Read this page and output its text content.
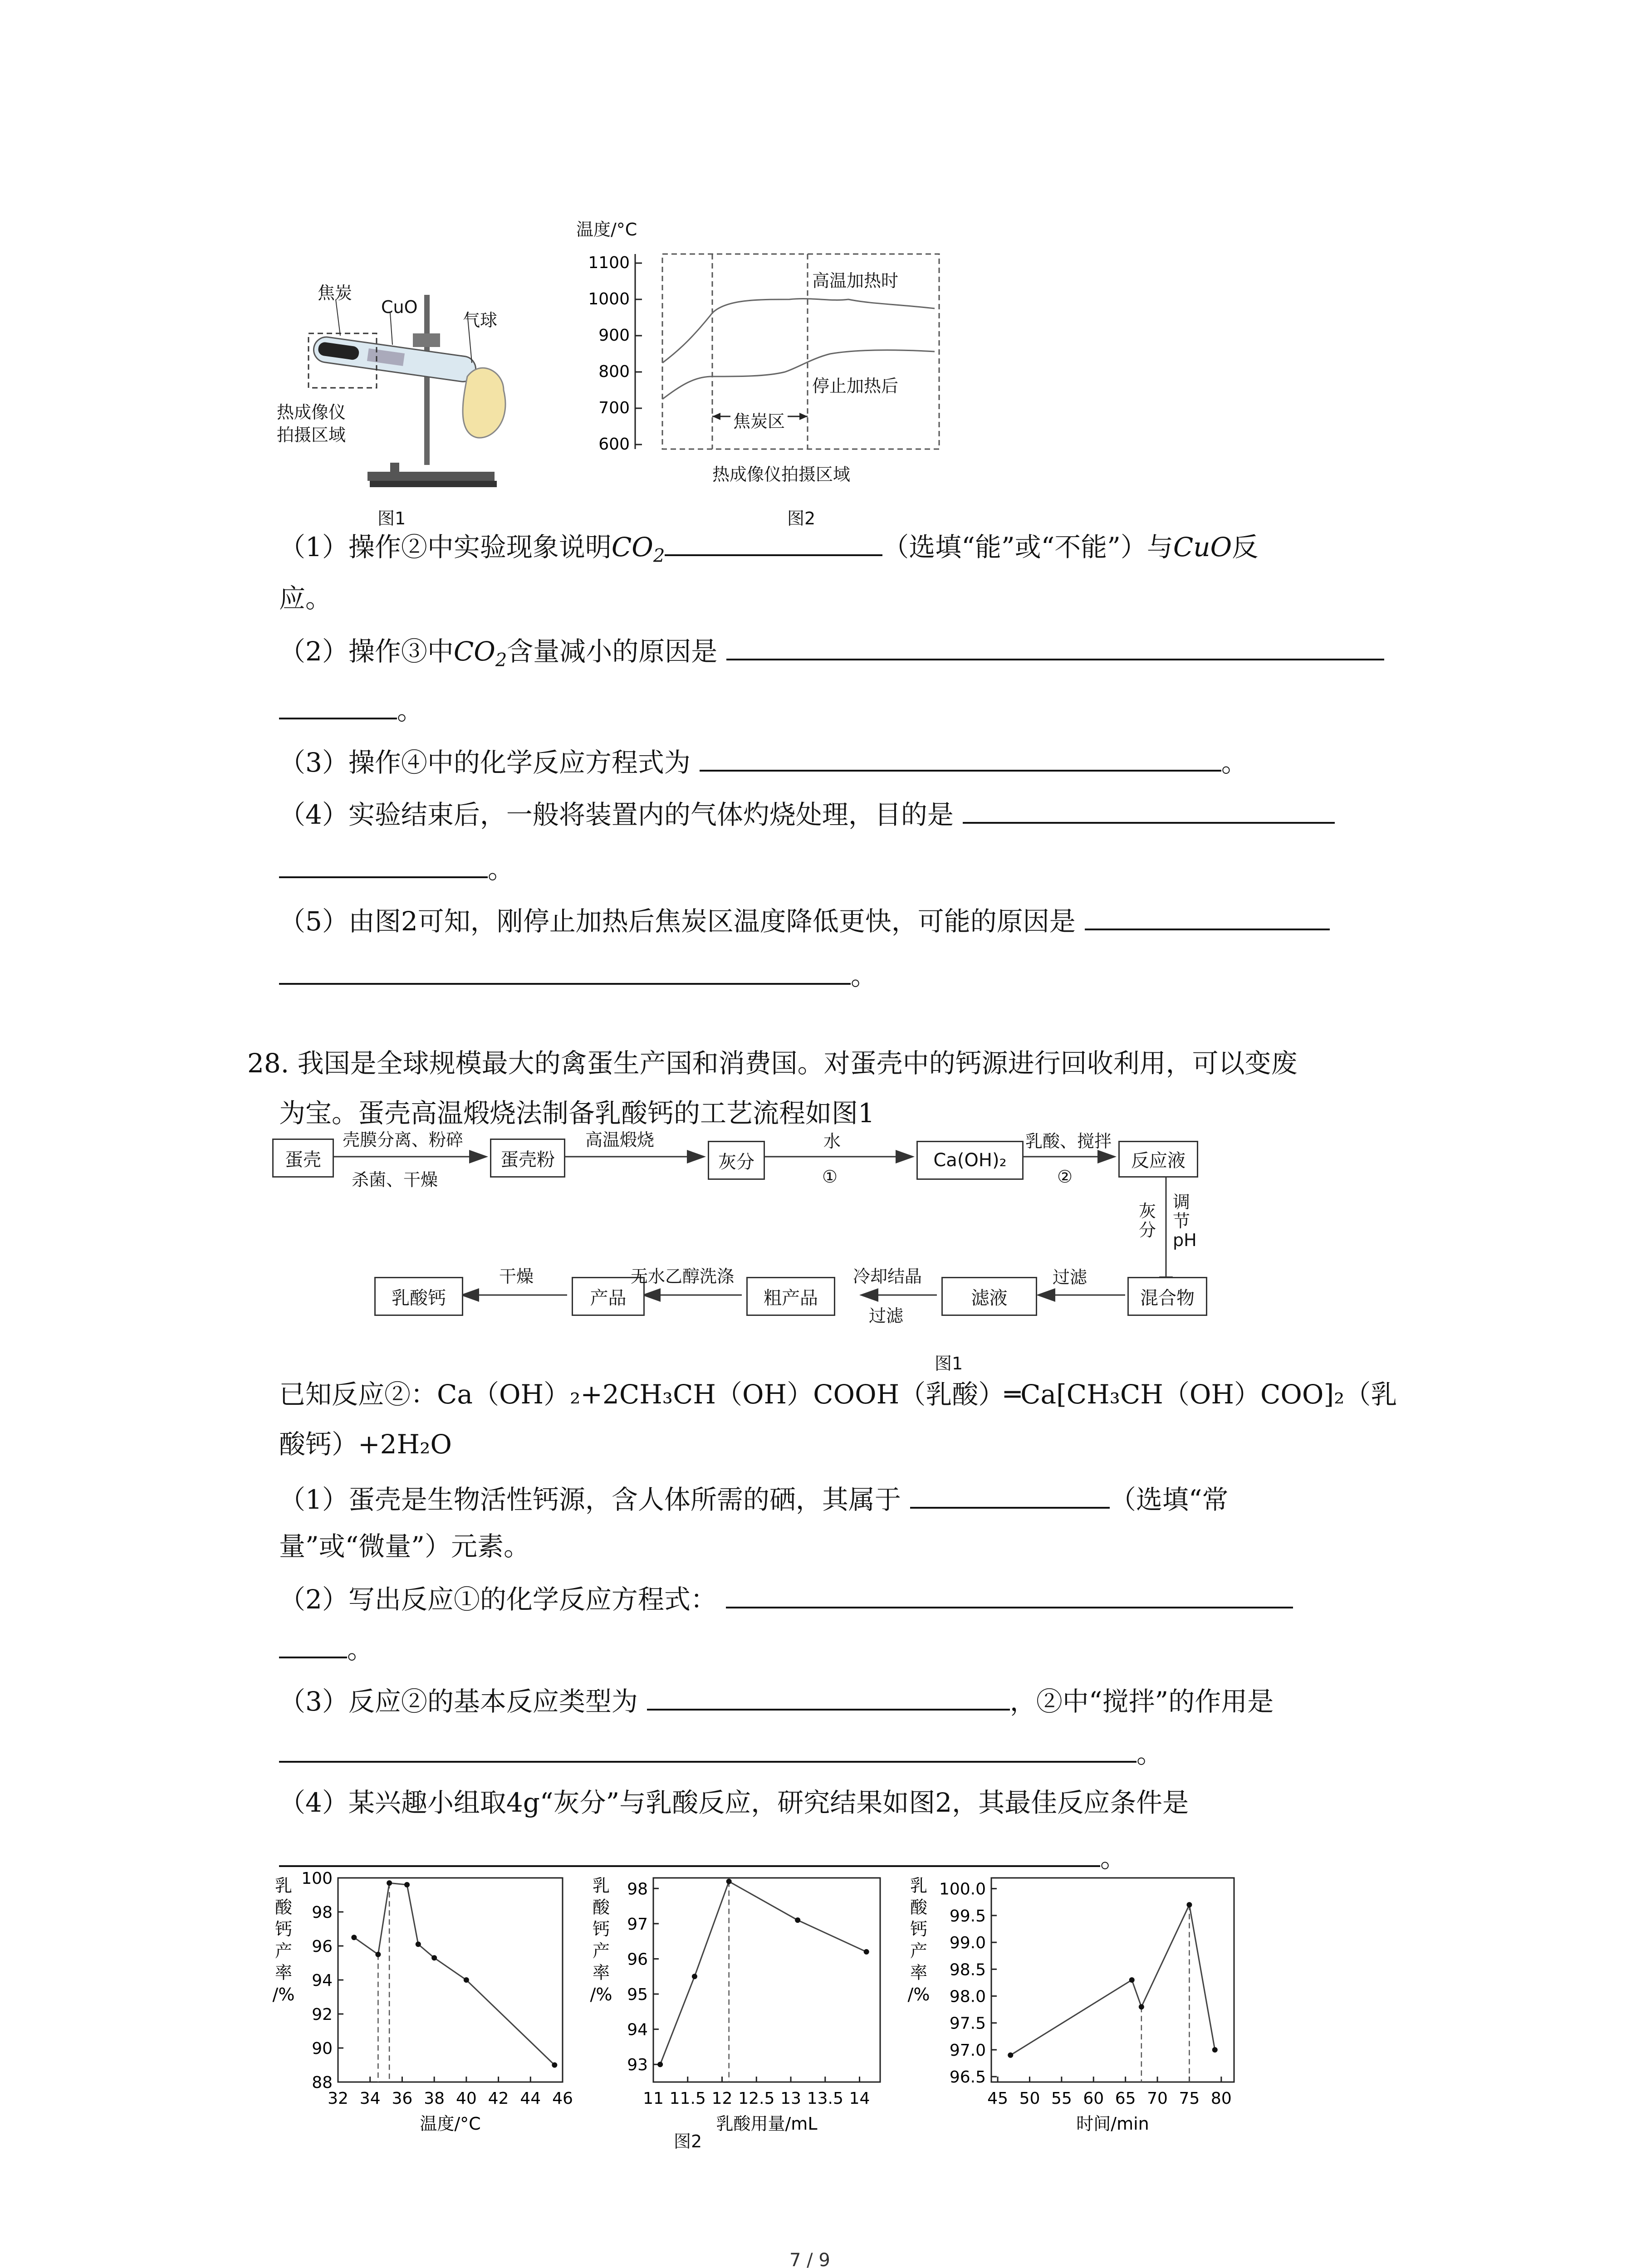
焦炭
CuO
气球
热成像仪
拍摄区域
图1
1100
1000
900
800
700
600
温度/°C
高温加热时
停止加热后
焦炭区
热成像仪拍摄区域
图2
（1）操作②中实验现象说明$CO_2$	（选填“能”或“不能”）与CuO反
应。
（2）操作③中$CO_2$含量减小的原因是
。
（3）操作④中的化学反应方程式为	。
（4）实验结束后，一般将装置内的气体灼烧处理，目的是
。
（5）由图2可知，刚停止加热后焦炭区温度降低更快，可能的原因是
。
28. 我国是全球规模最大的禽蛋生产国和消费国。对蛋壳中的钙源进行回收利用，可以变废
为宝。蛋壳高温煅烧法制备乳酸钙的工艺流程如图1
蛋壳	蛋壳粉	灰分	Ca(OH)₂	反应液
混合物
滤液
粗产品
产品
乳酸钙
壳膜分离、粉碎
杀菌、干燥
高温煅烧	水
①
乳酸、搅拌
②
灰分
调节pH
过滤
冷却结晶
过滤
无水乙醇洗涤
干燥
图1
已知反应②：Ca（OH）₂+2CH₃CH（OH）COOH（乳酸）═Ca[CH₃CH（OH）COO]₂（乳
酸钙）+2H₂O
（1）蛋壳是生物活性钙源，含人体所需的硒，其属于	（选填“常
量”或“微量”）元素。
（2）写出反应①的化学反应方程式：
。
（3）反应②的基本反应类型为	，②中“搅拌”的作用是
。
（4）某兴趣小组取4g“灰分”与乳酸反应，研究结果如图2，其最佳反应条件是
。
乳
酸
钙
产
率
/%
88
90
92
94
96
98
100
32 34 36 38 40 42 44 46
温度/°C
乳
酸
钙
产
率
/%
93
94
95
96
97
98
11 11.5 12 12.5 13 13.5 14
乳酸用量/mL
乳
酸
钙
产
率
/%
96.5
97.0
97.5
98.0
98.5
99.0
99.5
100.0
45 50 55 60 65 70 75 80
时间/min
图2
7 / 9
